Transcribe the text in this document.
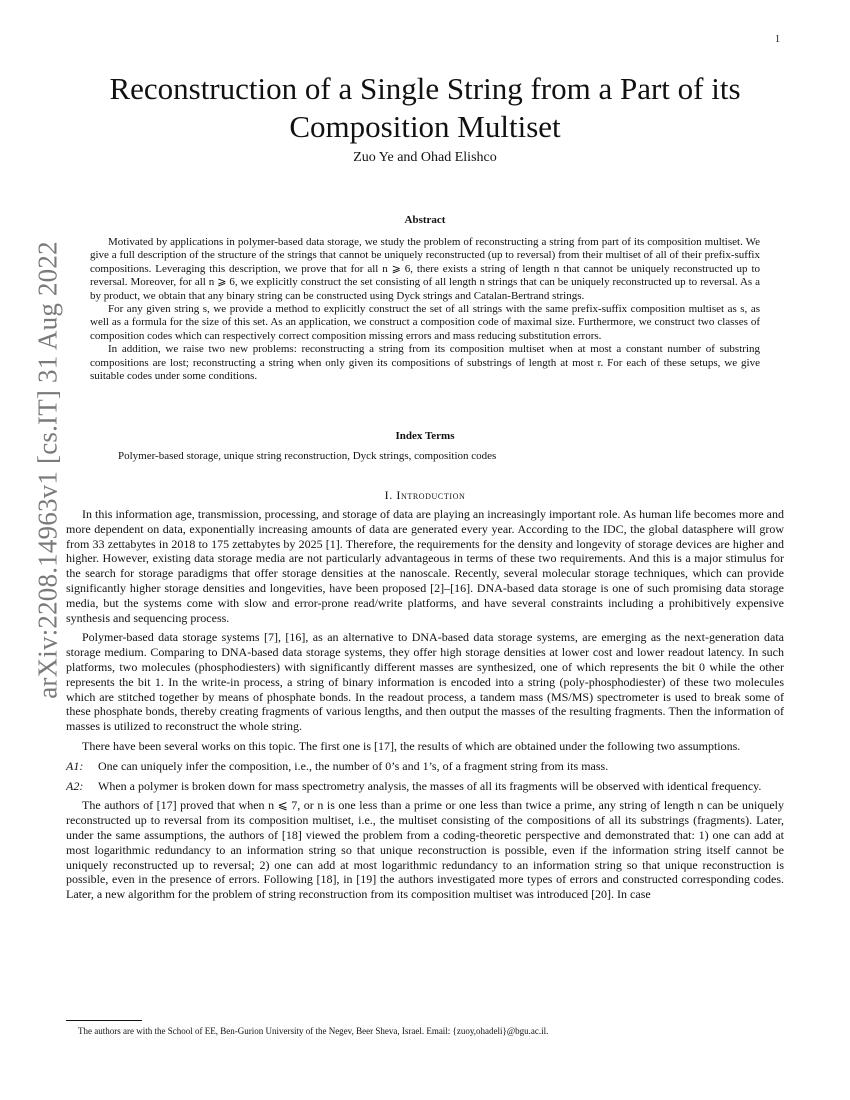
1
arXiv:2208.14963v1 [cs.IT] 31 Aug 2022
Reconstruction of a Single String from a Part of its Composition Multiset
Zuo Ye and Ohad Elishco
Abstract

Motivated by applications in polymer-based data storage, we study the problem of reconstructing a string from part of its composition multiset. We give a full description of the structure of the strings that cannot be uniquely reconstructed (up to reversal) from their multiset of all of their prefix-suffix compositions. Leveraging this description, we prove that for all n ⩾ 6, there exists a string of length n that cannot be uniquely reconstructed up to reversal. Moreover, for all n ⩾ 6, we explicitly construct the set consisting of all length n strings that can be uniquely reconstructed up to reversal. As a by product, we obtain that any binary string can be constructed using Dyck strings and Catalan-Bertrand strings.

For any given string s, we provide a method to explicitly construct the set of all strings with the same prefix-suffix composition multiset as s, as well as a formula for the size of this set. As an application, we construct a composition code of maximal size. Furthermore, we construct two classes of composition codes which can respectively correct composition missing errors and mass reducing substitution errors.

In addition, we raise two new problems: reconstructing a string from its composition multiset when at most a constant number of substring compositions are lost; reconstructing a string when only given its compositions of substrings of length at most r. For each of these setups, we give suitable codes under some conditions.

Index Terms
Polymer-based storage, unique string reconstruction, Dyck strings, composition codes
I. Introduction

In this information age, transmission, processing, and storage of data are playing an increasingly important role. As human life becomes more and more dependent on data, exponentially increasing amounts of data are generated every year. According to the IDC, the global datasphere will grow from 33 zettabytes in 2018 to 175 zettabytes by 2025 [1]. Therefore, the requirements for the density and longevity of storage devices are higher and higher. However, existing data storage media are not particularly advantageous in terms of these two requirements. And this is a major stimulus for the search for storage paradigms that offer storage densities at the nanoscale. Recently, several molecular storage techniques, which can provide significantly higher storage densities and longevities, have been proposed [2]–[16]. DNA-based data storage is one of such promising data storage media, but the systems come with slow and error-prone read/write platforms, and have several constraints including a prohibitively expensive synthesis and sequencing process.

Polymer-based data storage systems [7], [16], as an alternative to DNA-based data storage systems, are emerging as the next-generation data storage medium. Comparing to DNA-based data storage systems, they offer high storage densities at lower cost and lower readout latency. In such platforms, two molecules (phosphodiesters) with significantly different masses are synthesized, one of which represents the bit 0 while the other represents the bit 1. In the write-in process, a string of binary information is encoded into a string (poly-phosphodiester) of these two molecules which are stitched together by means of phosphate bonds. In the readout process, a tandem mass (MS/MS) spectrometer is used to break some of these phosphate bonds, thereby creating fragments of various lengths, and then output the masses of the resulting fragments. Then the information of masses is utilized to reconstruct the whole string.

There have been several works on this topic. The first one is [17], the results of which are obtained under the following two assumptions.

A1:	One can uniquely infer the composition, i.e., the number of 0’s and 1’s, of a fragment string from its mass.
A2:	When a polymer is broken down for mass spectrometry analysis, the masses of all its fragments will be observed with identical frequency.

The authors of [17] proved that when n ⩽ 7, or n is one less than a prime or one less than twice a prime, any string of length n can be uniquely reconstructed up to reversal from its composition multiset, i.e., the multiset consisting of the compositions of all its substrings (fragments). Later, under the same assumptions, the authors of [18] viewed the problem from a coding-theoretic perspective and demonstrated that: 1) one can add at most logarithmic redundancy to an information string so that unique reconstruction is possible, even if the information string itself cannot be uniquely reconstructed up to reversal; 2) one can add at most logarithmic redundancy to an information string so that unique reconstruction is possible, even in the presence of errors. Following [18], in [19] the authors investigated more types of errors and constructed corresponding codes. Later, a new algorithm for the problem of string reconstruction from its composition multiset was introduced [20]. In case

The authors are with the School of EE, Ben-Gurion University of the Negev, Beer Sheva, Israel. Email: {zuoy,ohadeli}@bgu.ac.il.
